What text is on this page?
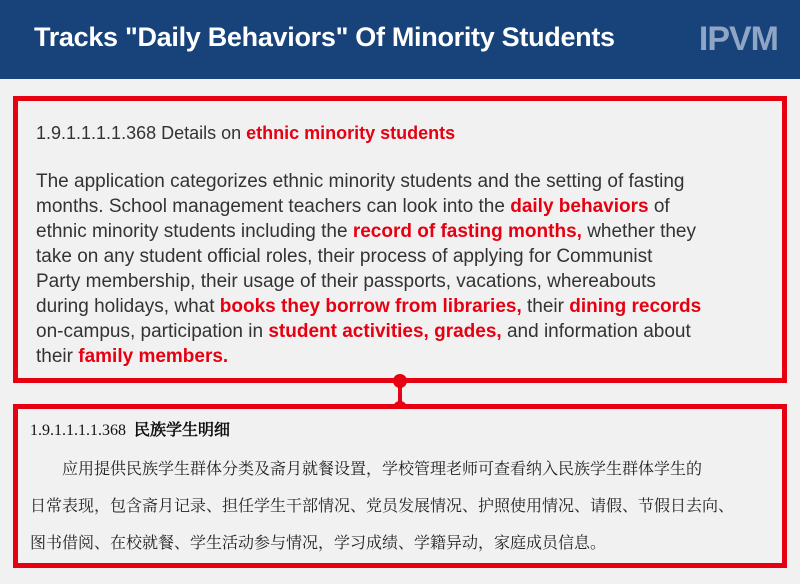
Tracks "Daily Behaviors" Of Minority Students IPVM
1.9.1.1.1.1.368 Details on ethnic minority students
The application categorizes ethnic minority students and the setting of fasting
months. School management teachers can look into the daily behaviors of
ethnic minority students including the record of fasting months, whether they
take on any student official roles, their process of applying for Communist
Party membership, their usage of their passports, vacations, whereabouts
during holidays, what books they borrow from libraries, their dining records
on-campus, participation in student activities, grades, and information about
their family members.
1.9.1.1.1.1.368 民族学生明细
　　应用提供民族学生群体分类及斋月就餐设置，学校管理老师可查看纳入民族学生群体学生的
日常表现，包含斋月记录、担任学生干部情况、党员发展情况、护照使用情况、请假、节假日去向、
图书借阅、在校就餐、学生活动参与情况，学习成绩、学籍异动，家庭成员信息。
